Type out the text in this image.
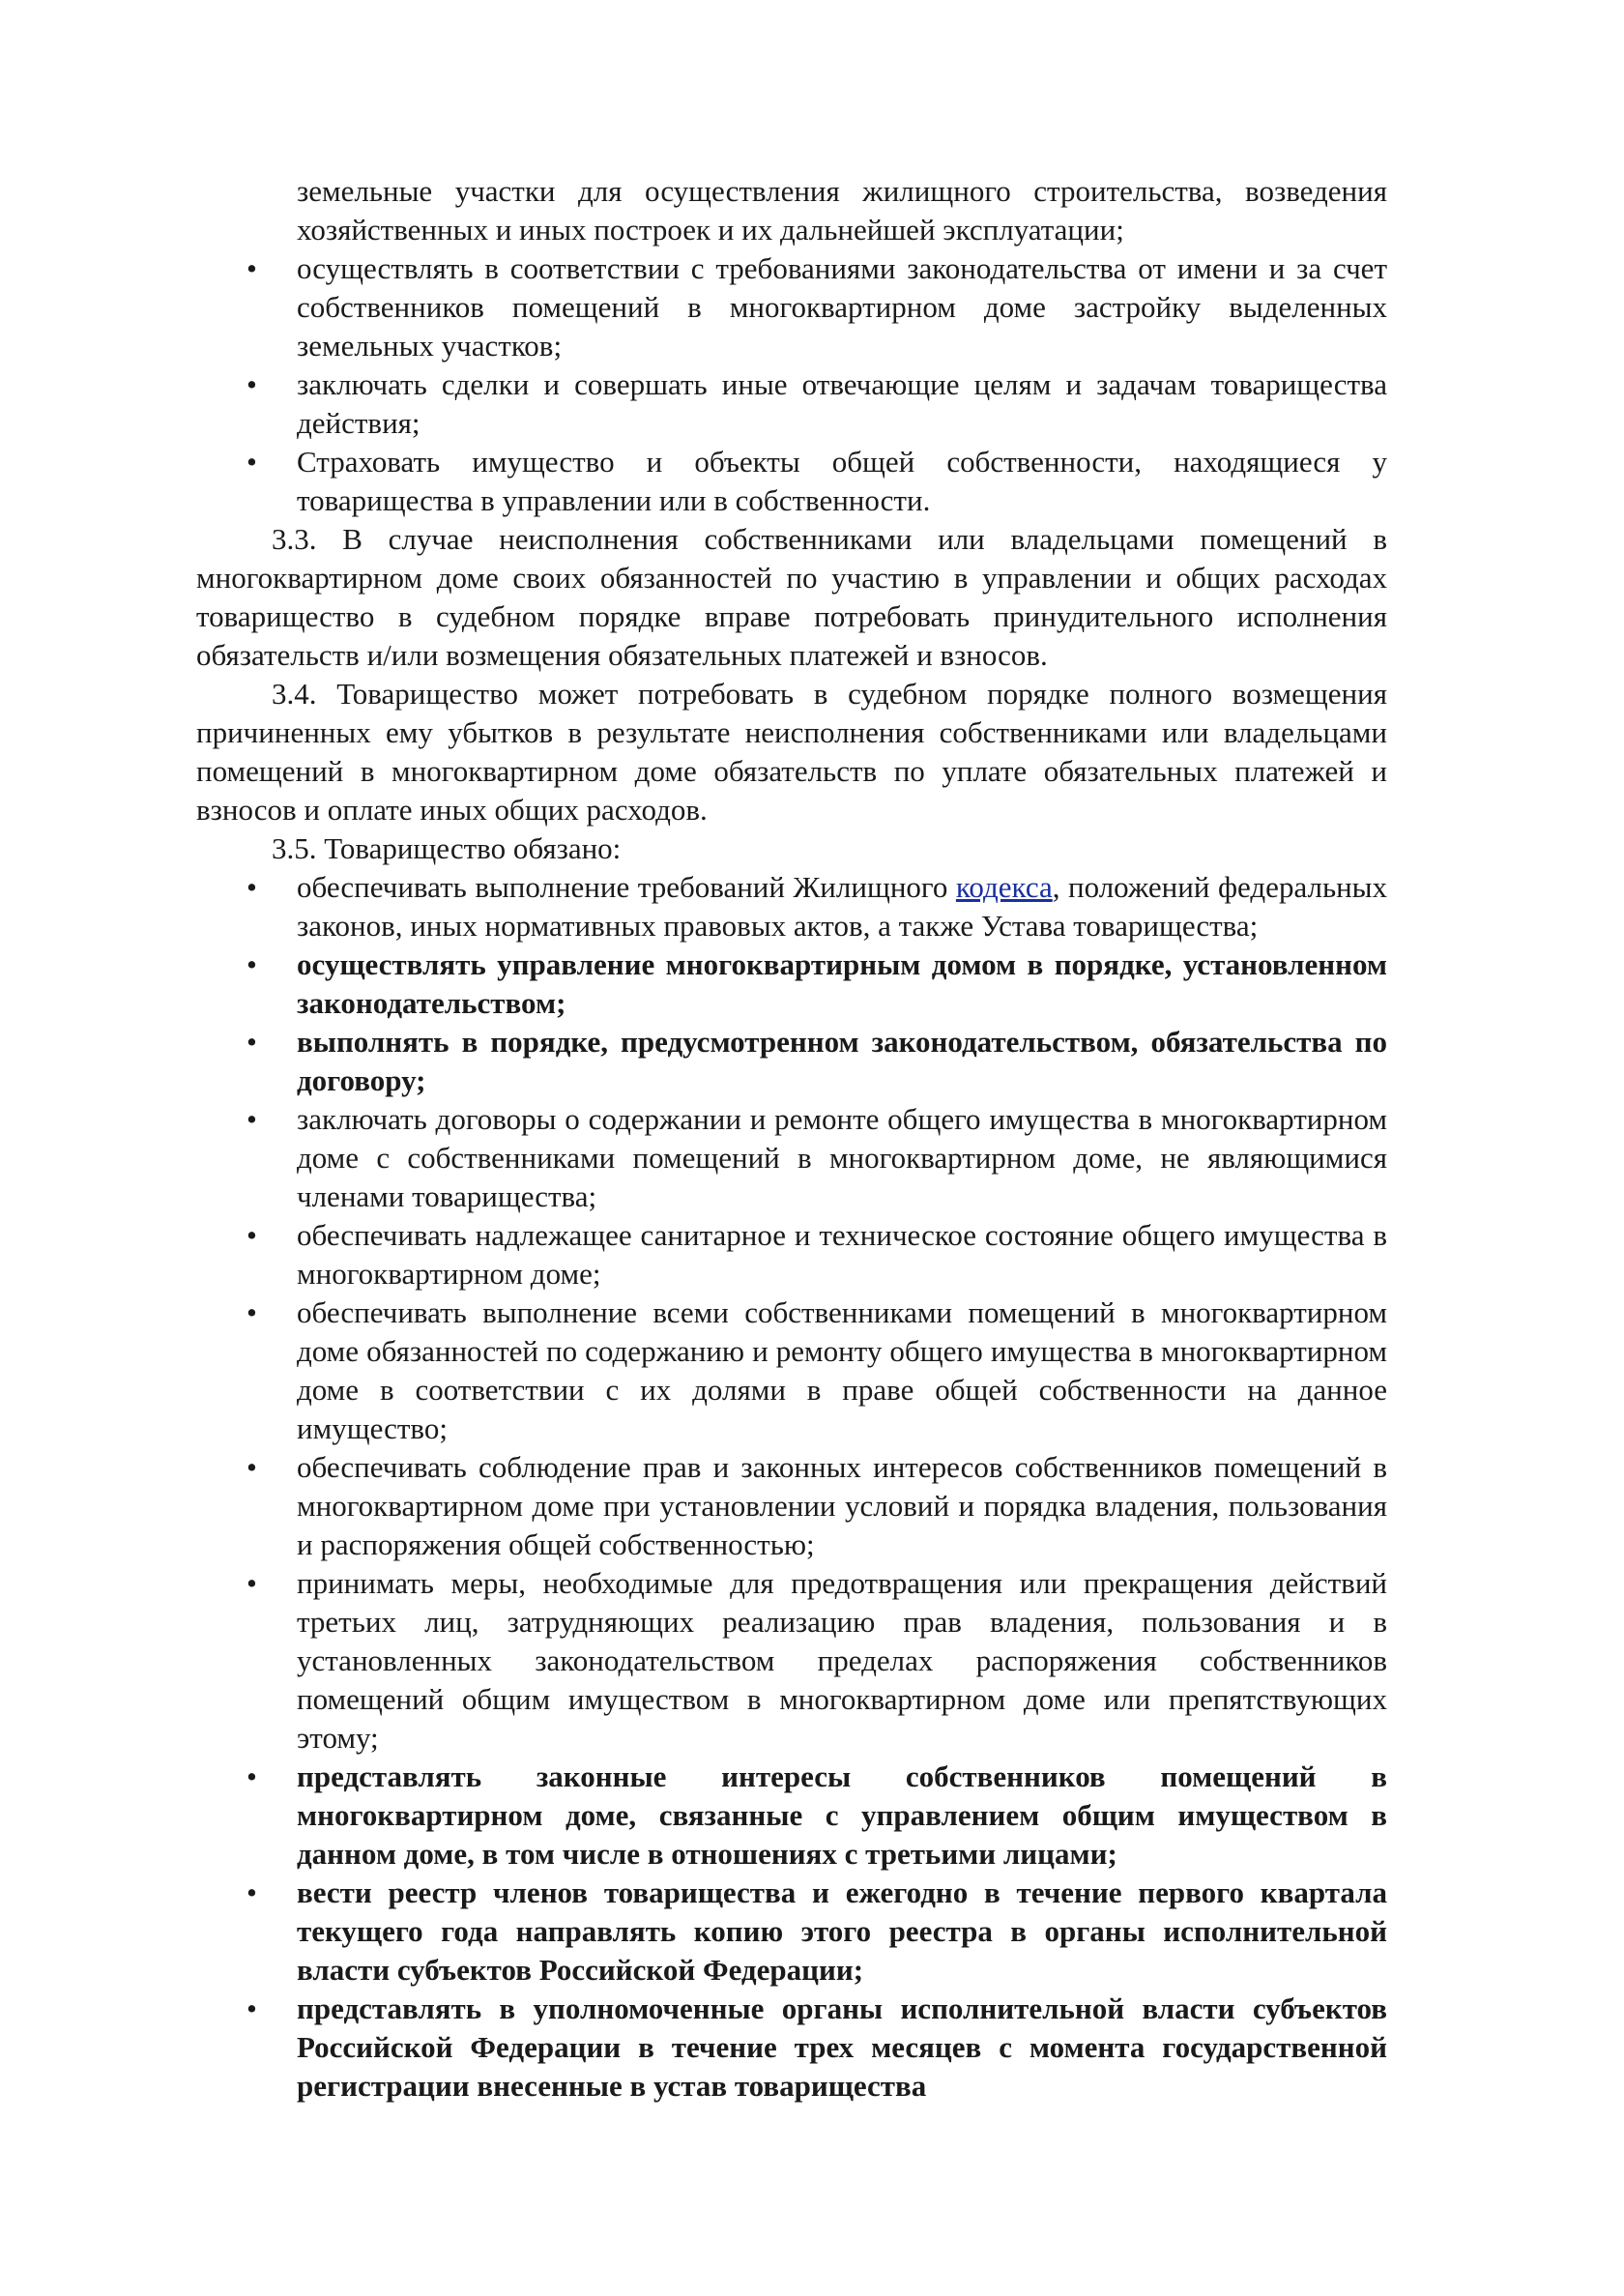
земельные участки для осуществления жилищного строительства, возведения хозяйственных и иных построек и их дальнейшей эксплуатации;

• осуществлять в соответствии с требованиями законодательства от имени и за счет собственников помещений в многоквартирном доме застройку выделенных земельных участков;

• заключать сделки и совершать иные отвечающие целям и задачам товарищества действия;

• Страховать имущество и объекты общей собственности, находящиеся у товарищества в управлении или в собственности.

3.3. В случае неисполнения собственниками или владельцами помещений в многоквартирном доме своих обязанностей по участию в управлении и общих расходах товарищество в судебном порядке вправе потребовать принудительного исполнения обязательств и/или возмещения обязательных платежей и взносов.

3.4. Товарищество может потребовать в судебном порядке полного возмещения причиненных ему убытков в результате неисполнения собственниками или владельцами помещений в многоквартирном доме обязательств по уплате обязательных платежей и взносов и оплате иных общих расходов.

3.5. Товарищество обязано:

• обеспечивать выполнение требований Жилищного кодекса, положений федеральных законов, иных нормативных правовых актов, а также Устава товарищества;

• осуществлять управление многоквартирным домом в порядке, установленном законодательством;

• выполнять в порядке, предусмотренном законодательством, обязательства по договору;

• заключать договоры о содержании и ремонте общего имущества в многоквартирном доме с собственниками помещений в многоквартирном доме, не являющимися членами товарищества;

• обеспечивать надлежащее санитарное и техническое состояние общего имущества в многоквартирном доме;

• обеспечивать выполнение всеми собственниками помещений в многоквартирном доме обязанностей по содержанию и ремонту общего имущества в многоквартирном доме в соответствии с их долями в праве общей собственности на данное имущество;

• обеспечивать соблюдение прав и законных интересов собственников помещений в многоквартирном доме при установлении условий и порядка владения, пользования и распоряжения общей собственностью;

• принимать меры, необходимые для предотвращения или прекращения действий третьих лиц, затрудняющих реализацию прав владения, пользования и в установленных законодательством пределах распоряжения собственников помещений общим имуществом в многоквартирном доме или препятствующих этому;

• представлять законные интересы собственников помещений в многоквартирном доме, связанные с управлением общим имуществом в данном доме, в том числе в отношениях с третьими лицами;

• вести реестр членов товарищества и ежегодно в течение первого квартала текущего года направлять копию этого реестра в органы исполнительной власти субъектов Российской Федерации;

• представлять в уполномоченные органы исполнительной власти субъектов Российской Федерации в течение трех месяцев с момента государственной регистрации внесенные в устав товарищества
